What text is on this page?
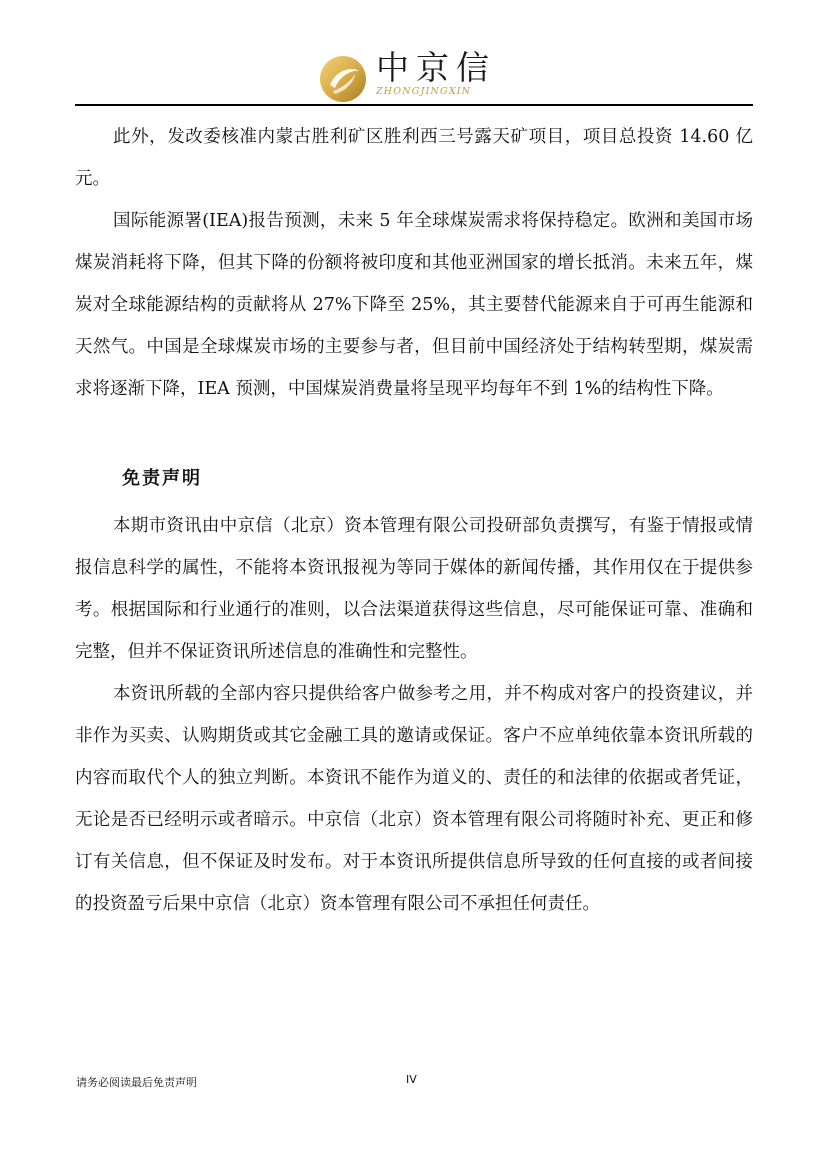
中京信
ZHONGJINGXIN

此外，发改委核准内蒙古胜利矿区胜利西三号露天矿项目，项目总投资 14.60 亿元。

国际能源署(IEA)报告预测，未来 5 年全球煤炭需求将保持稳定。欧洲和美国市场煤炭消耗将下降，但其下降的份额将被印度和其他亚洲国家的增长抵消。未来五年，煤炭对全球能源结构的贡献将从 27%下降至 25%，其主要替代能源来自于可再生能源和天然气。中国是全球煤炭市场的主要参与者，但目前中国经济处于结构转型期，煤炭需求将逐渐下降，IEA 预测，中国煤炭消费量将呈现平均每年不到 1%的结构性下降。

免责声明

本期市资讯由中京信（北京）资本管理有限公司投研部负责撰写，有鉴于情报或情报信息科学的属性，不能将本资讯报视为等同于媒体的新闻传播，其作用仅在于提供参考。根据国际和行业通行的准则，以合法渠道获得这些信息，尽可能保证可靠、准确和完整，但并不保证资讯所述信息的准确性和完整性。

本资讯所载的全部内容只提供给客户做参考之用，并不构成对客户的投资建议，并非作为买卖、认购期货或其它金融工具的邀请或保证。客户不应单纯依靠本资讯所载的内容而取代个人的独立判断。本资讯不能作为道义的、责任的和法律的依据或者凭证，无论是否已经明示或者暗示。中京信（北京）资本管理有限公司将随时补充、更正和修订有关信息，但不保证及时发布。对于本资讯所提供信息所导致的任何直接的或者间接的投资盈亏后果中京信（北京）资本管理有限公司不承担任何责任。

请务必阅读最后免责声明	IV
